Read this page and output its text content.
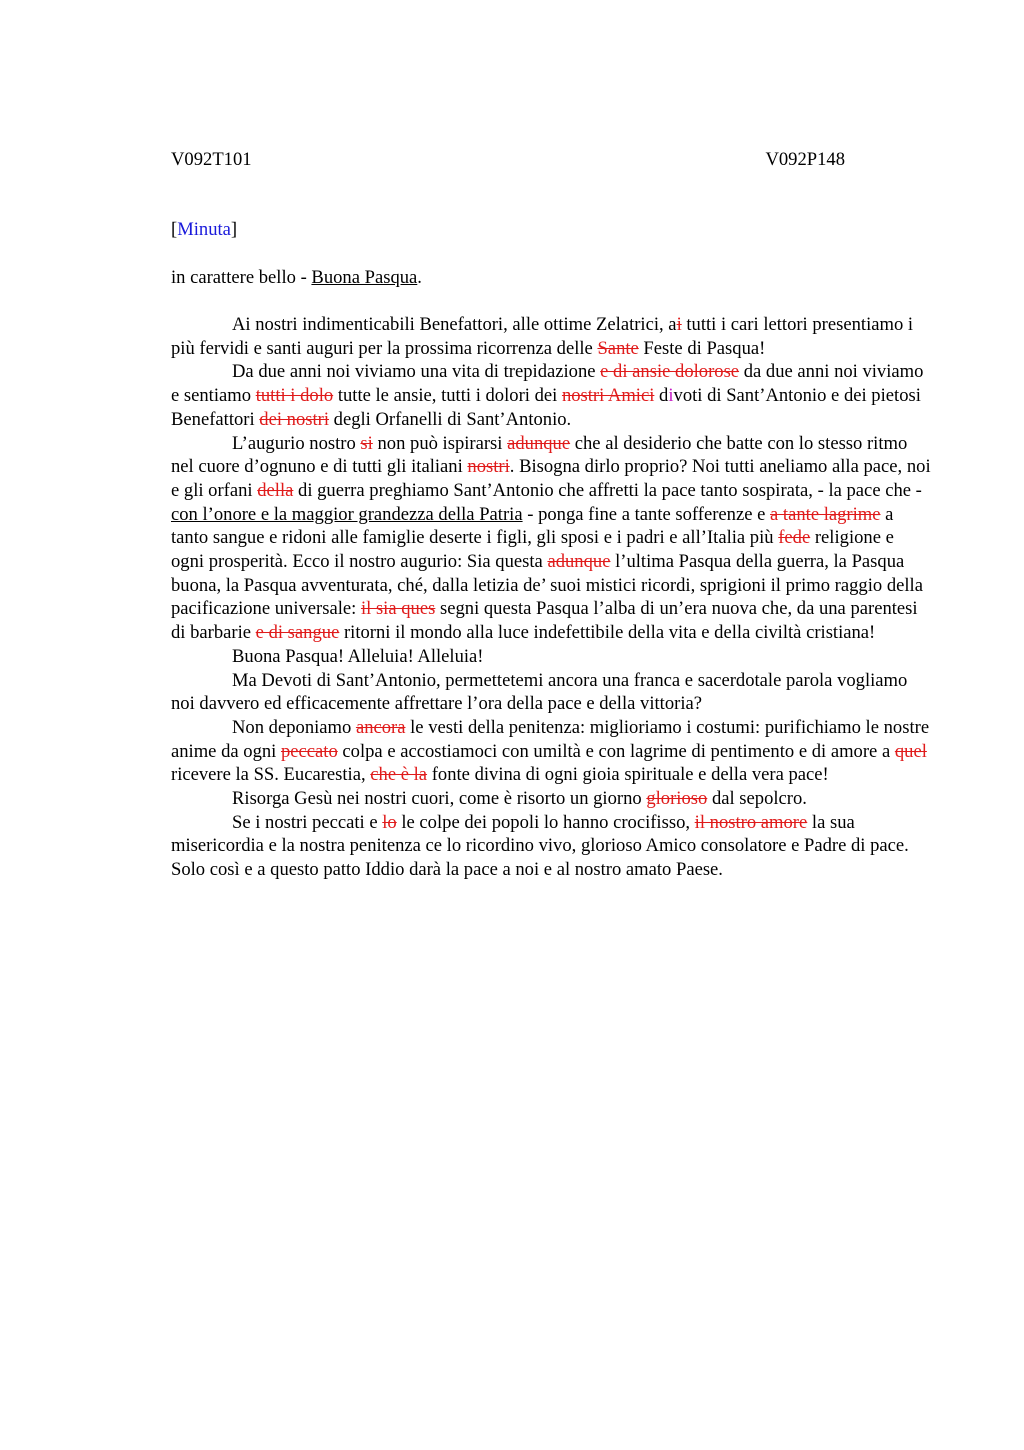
V092T101	V092P148
[Minuta]
in carattere bello - Buona Pasqua.

Ai nostri indimenticabili Benefattori, alle ottime Zelatrici, ai tutti i cari lettori presentiamo i più fervidi e santi auguri per la prossima ricorrenza delle Sante Feste di Pasqua!

Da due anni noi viviamo una vita di trepidazione e di ansie dolorose da due anni noi viviamo e sentiamo tutti i dolo tutte le ansie, tutti i dolori dei nostri Amici divoti di Sant’Antonio e dei pietosi Benefattori dei nostri degli Orfanelli di Sant’Antonio.

L’augurio nostro si non può ispirarsi adunque che al desiderio che batte con lo stesso ritmo nel cuore d’ognuno e di tutti gli italiani nostri. Bisogna dirlo proprio? Noi tutti aneliamo alla pace, noi e gli orfani della di guerra preghiamo Sant’Antonio che affretti la pace tanto sospirata, - la pace che - con l’onore e la maggior grandezza della Patria - ponga fine a tante sofferenze e a tante lagrime a tanto sangue e ridoni alle famiglie deserte i figli, gli sposi e i padri e all’Italia più fede religione e ogni prosperità. Ecco il nostro augurio: Sia questa adunque l’ultima Pasqua della guerra, la Pasqua buona, la Pasqua avventurata, ché, dalla letizia de’ suoi mistici ricordi, sprigioni il primo raggio della pacificazione universale: il sia ques segni questa Pasqua l’alba di un’era nuova che, da una parentesi di barbarie e di sangue ritorni il mondo alla luce indefettibile della vita e della civiltà cristiana!

Buona Pasqua! Alleluia! Alleluia!

Ma Devoti di Sant’Antonio, permettetemi ancora una franca e sacerdotale parola vogliamo noi davvero ed efficacemente affrettare l’ora della pace e della vittoria?

Non deponiamo ancora le vesti della penitenza: miglioriamo i costumi: purifichiamo le nostre anime da ogni peccato colpa e accostiamoci con umiltà e con lagrime di pentimento e di amore a quel ricevere la SS. Eucarestia, che è la fonte divina di ogni gioia spirituale e della vera pace!

Risorga Gesù nei nostri cuori, come è risorto un giorno glorioso dal sepolcro.

Se i nostri peccati e lo le colpe dei popoli lo hanno crocifisso, il nostro amore la sua misericordia e la nostra penitenza ce lo ricordino vivo, glorioso Amico consolatore e Padre di pace. Solo così e a questo patto Iddio darà la pace a noi e al nostro amato Paese.
